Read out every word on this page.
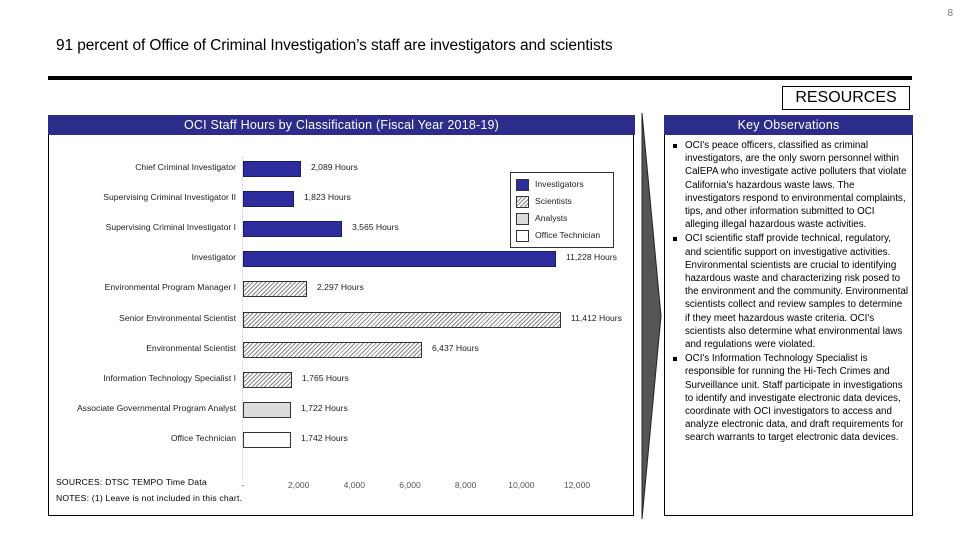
8
91 percent of Office of Criminal Investigation’s staff are investigators and scientists
RESOURCES
OCI Staff Hours by Classification (Fiscal Year 2018-19)
Investigators
Scientists
Analysts
Office Technician
-	2,000	4,000	6,000	8,000	10,000	12,000
Chief Criminal Investigator	2,089 Hours
Supervising Criminal Investigator II	1,823 Hours
Supervising Criminal Investigator I	3,565 Hours
Investigator	11,228 Hours
Environmental Program Manager I	2,297 Hours
Senior Environmental Scientist	11,412 Hours
Environmental Scientist	6,437 Hours
Information Technology Specialist I	1,765 Hours
Associate Governmental Program Analyst	1,722 Hours
Office Technician	1,742 Hours
SOURCES: DTSC TEMPO Time Data
NOTES: (1) Leave is not included in this chart.
Key Observations
OCI's peace officers, classified as criminal investigators, are the only sworn personnel within CalEPA who investigate active polluters that violate California's hazardous waste laws. The investigators respond to environmental complaints, tips, and other information submitted to OCI alleging illegal hazardous waste activities.
OCI scientific staff provide technical, regulatory, and scientific support on investigative activities. Environmental scientists are crucial to identifying hazardous waste and characterizing risk posed to the environment and the community. Environmental scientists collect and review samples to determine if they meet hazardous waste criteria. OCI's scientists also determine what environmental laws and regulations were violated.
OCI's Information Technology Specialist is responsible for running the Hi-Tech Crimes and Surveillance unit. Staff participate in investigations to identify and investigate electronic data devices, coordinate with OCI investigators to access and analyze electronic data, and draft requirements for search warrants to target electronic data devices.
